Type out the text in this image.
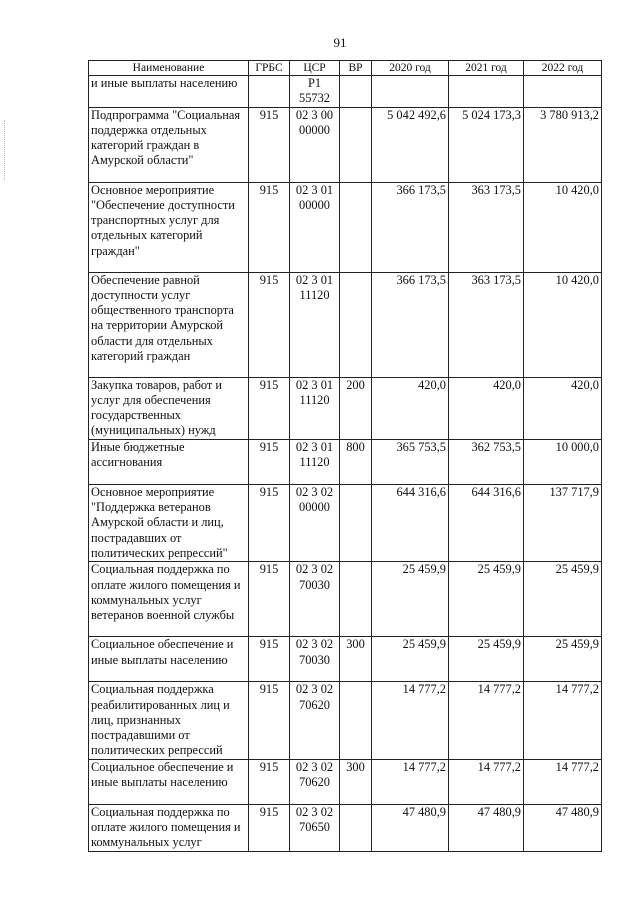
91
Наименование	ГРБС	ЦСР	ВР	2020 год	2021 год	2022 год
и иные выплаты населению		P1 55732				
Подпрограмма "Социальная поддержка отдельных категорий граждан в Амурской области"	915	02 3 00 00000		5 042 492,6	5 024 173,3	3 780 913,2
Основное мероприятие "Обеспечение доступности транспортных услуг для отдельных категорий граждан"	915	02 3 01 00000		366 173,5	363 173,5	10 420,0
Обеспечение равной доступности услуг общественного транспорта на территории Амурской области для отдельных категорий граждан	915	02 3 01 11120		366 173,5	363 173,5	10 420,0
Закупка товаров, работ и услуг для обеспечения государственных (муниципальных) нужд	915	02 3 01 11120	200	420,0	420,0	420,0
Иные бюджетные ассигнования	915	02 3 01 11120	800	365 753,5	362 753,5	10 000,0
Основное мероприятие "Поддержка ветеранов Амурской области и лиц, пострадавших от политических репрессий"	915	02 3 02 00000		644 316,6	644 316,6	137 717,9
Социальная поддержка по оплате жилого помещения и коммунальных услуг ветеранов военной службы	915	02 3 02 70030		25 459,9	25 459,9	25 459,9
Социальное обеспечение и иные выплаты населению	915	02 3 02 70030	300	25 459,9	25 459,9	25 459,9
Социальная поддержка реабилитированных лиц и лиц, признанных пострадавшими от политических репрессий	915	02 3 02 70620		14 777,2	14 777,2	14 777,2
Социальное обеспечение и иные выплаты населению	915	02 3 02 70620	300	14 777,2	14 777,2	14 777,2
Социальная поддержка по оплате жилого помещения и коммунальных услуг	915	02 3 02 70650		47 480,9	47 480,9	47 480,9
